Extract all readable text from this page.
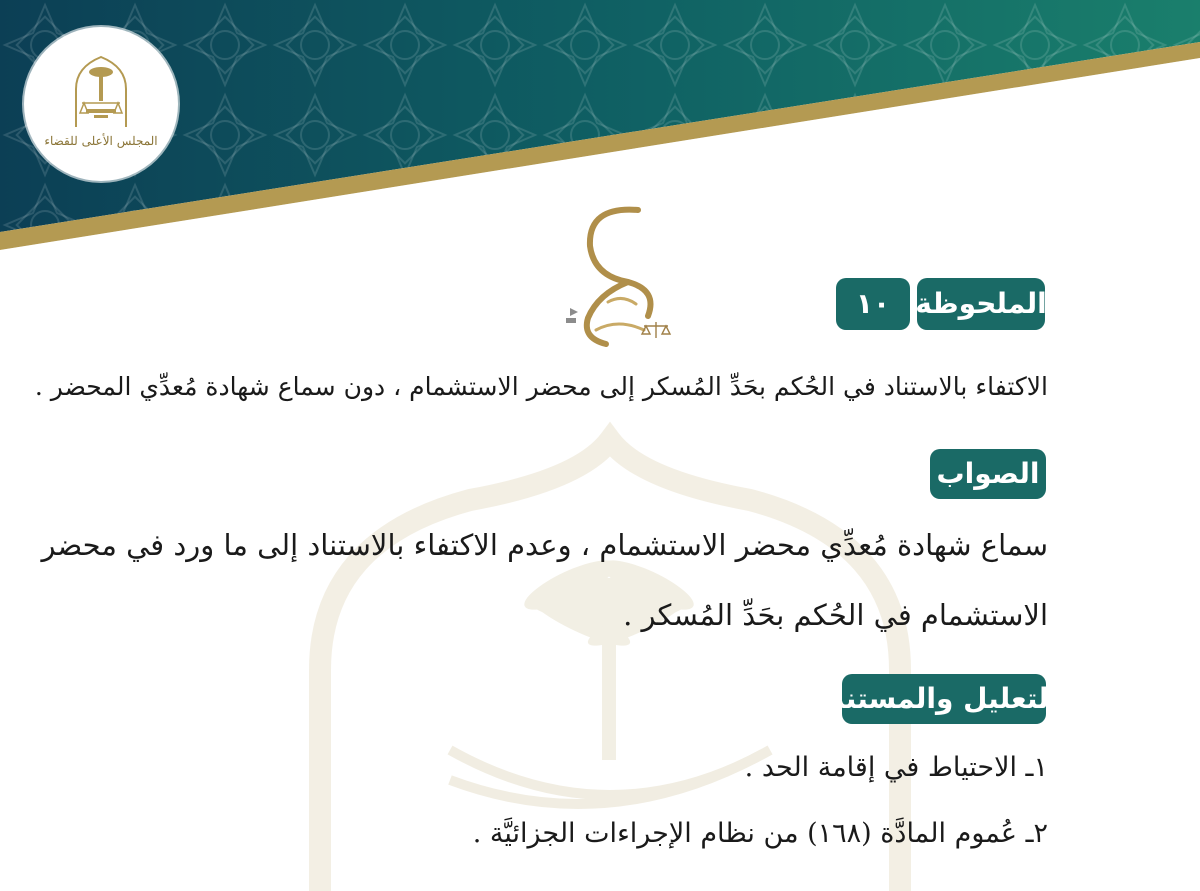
المجلس الأعلى للقضاء
الملحوظة
١٠
الاكتفاء بالاستناد في الحُكم بحَدِّ المُسكر إلى محضر الاستشمام ، دون سماع شهادة مُعدِّي المحضر .
الصواب
سماع شهادة مُعدِّي محضر الاستشمام ، وعدم الاكتفاء بالاستناد إلى ما ورد في محضر
الاستشمام في الحُكم بحَدِّ المُسكر .
التعليل والمستند
١ـ الاحتياط في إقامة الحد .
٢ـ عُموم المادَّة (١٦٨) من نظام الإجراءات الجزائيَّة .
